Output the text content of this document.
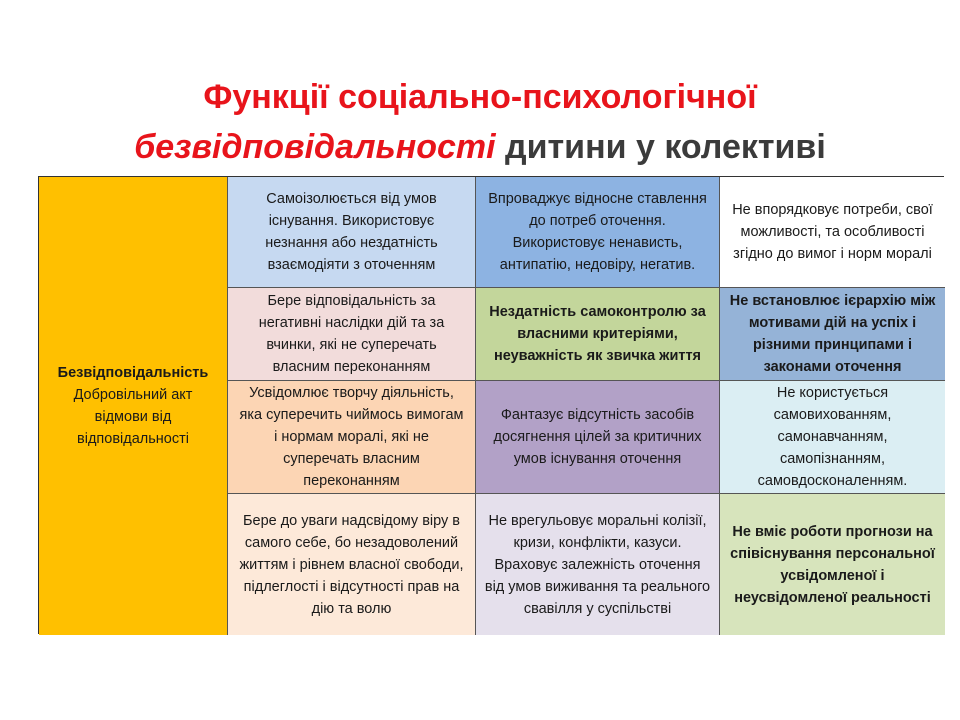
Функції соціально-психологічної
безвідповідальності дитини у колективі
Безвідповідальність
Добровільний акт відмови від відповідальності
Самоізолюється від умов існування. Використовує незнання або нездатність взаємодіяти з оточенням
Впроваджує відносне ставлення до потреб оточення. Використовує ненависть, антипатію, недовіру, негатив.
Не впорядковує потреби, свої можливості, та особливості згідно до вимог і норм моралі
Бере відповідальність за негативні наслідки дій та за вчинки, які не суперечать власним переконанням
Нездатність самоконтролю за власними критеріями, неуважність як звичка життя
Не встановлює ієрархію між мотивами дій на успіх і різними принципами і законами оточення
Усвідомлює творчу діяльність, яка суперечить чиймось вимогам і нормам моралі, які не суперечать власним переконанням
Фантазує відсутність засобів досягнення цілей за критичних умов існування оточення
Не користується самовихованням, самонавчанням, самопізнанням, самовдосконаленням.
Бере до уваги надсвідому віру в самого себе, бо незадоволений життям і рівнем власної свободи, підлеглості і відсутності прав на дію та волю
Не врегульовує моральні колізії, кризи, конфлікти, казуси. Враховує залежність оточення від умов виживання та реального свавілля у суспільстві
Не вміє роботи прогнози на співіснування персональної усвідомленої і неусвідомленої реальності
